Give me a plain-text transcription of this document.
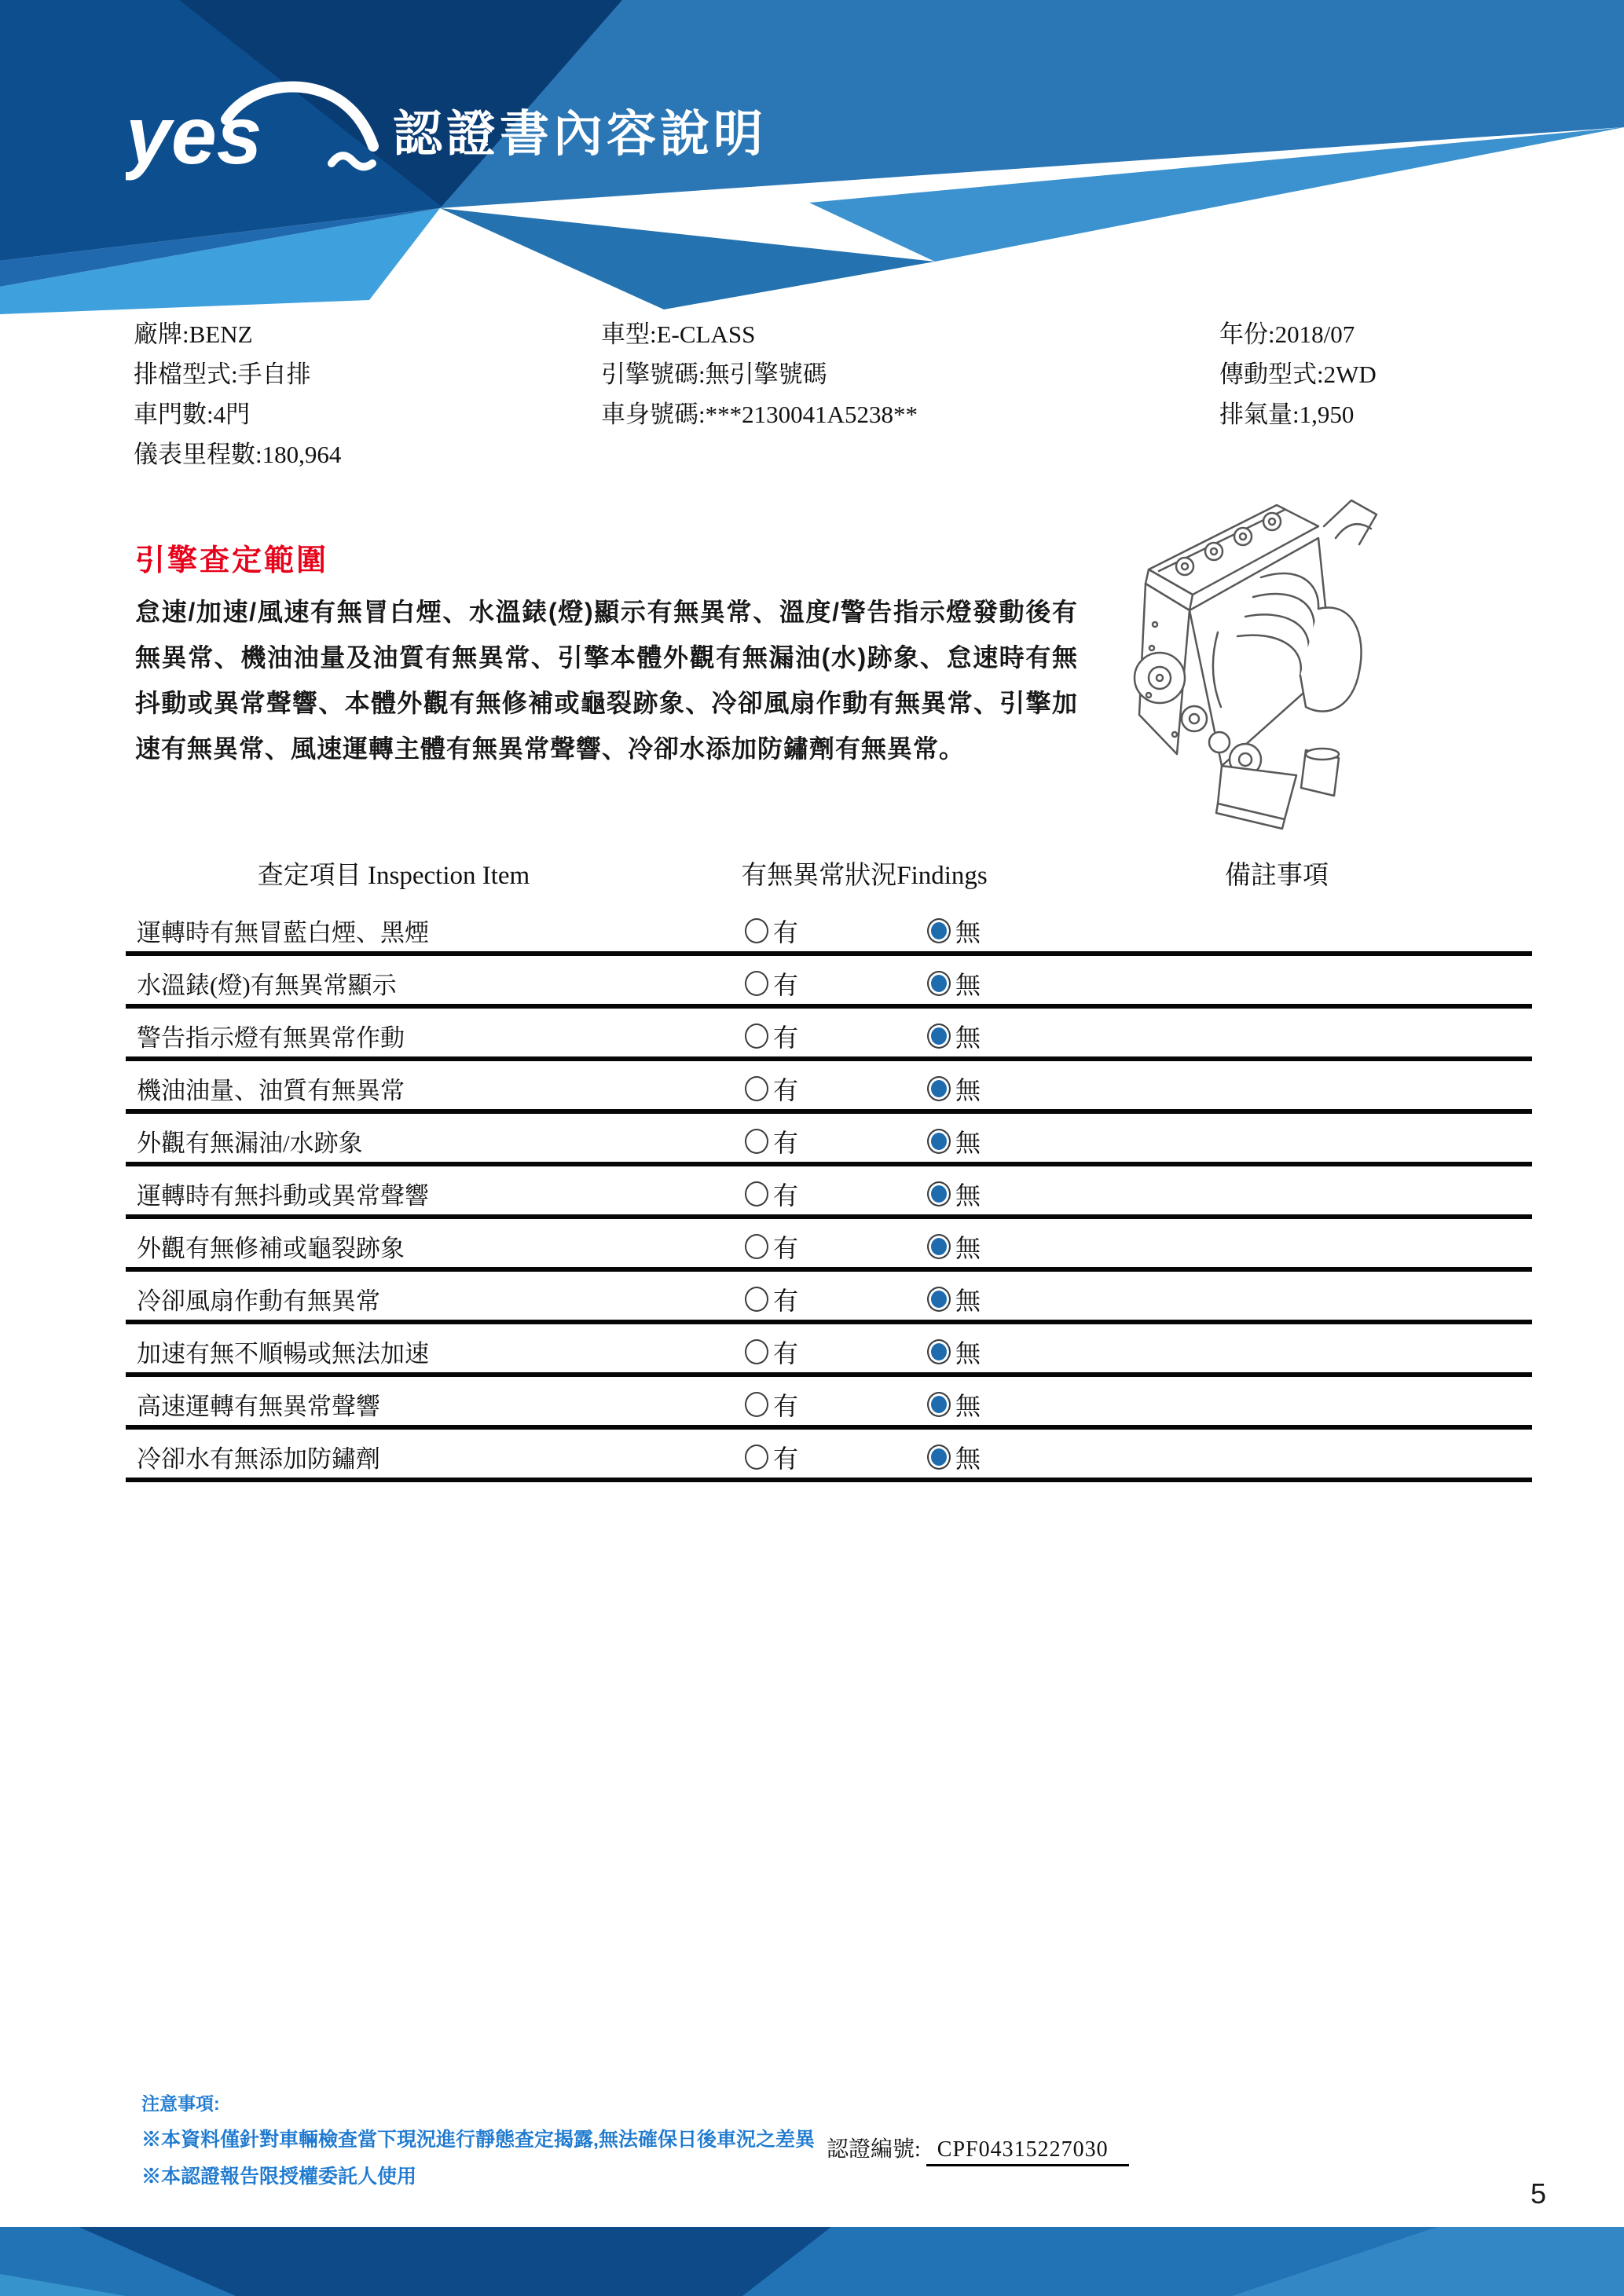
yes	認證書內容說明
廠牌:BENZ
排檔型式:手自排
車門數:4門
儀表里程數:180,964
車型:E-CLASS
引擎號碼:無引擎號碼
車身號碼:***2130041A5238**
年份:2018/07
傳動型式:2WD
排氣量:1,950
引擎查定範圍
怠速/加速/風速有無冒白煙、水溫錶(燈)顯示有無異常、溫度/警告指示燈發動後有無異常、機油油量及油質有無異常、引擎本體外觀有無漏油(水)跡象、怠速時有無抖動或異常聲響、本體外觀有無修補或龜裂跡象、冷卻風扇作動有無異常、引擎加速有無異常、風速運轉主體有無異常聲響、冷卻水添加防鏽劑有無異常。
查定項目 Inspection Item	有無異常狀況Findings	備註事項
運轉時有無冒藍白煙、黑煙	有	無
水溫錶(燈)有無異常顯示	有	無
警告指示燈有無異常作動	有	無
機油油量、油質有無異常	有	無
外觀有無漏油/水跡象	有	無
運轉時有無抖動或異常聲響	有	無
外觀有無修補或龜裂跡象	有	無
冷卻風扇作動有無異常	有	無
加速有無不順暢或無法加速	有	無
高速運轉有無異常聲響	有	無
冷卻水有無添加防鏽劑	有	無
注意事項:
※本資料僅針對車輛檢查當下現況進行靜態查定揭露,無法確保日後車況之差異
※本認證報告限授權委託人使用
認證編號: CPF04315227030
5
